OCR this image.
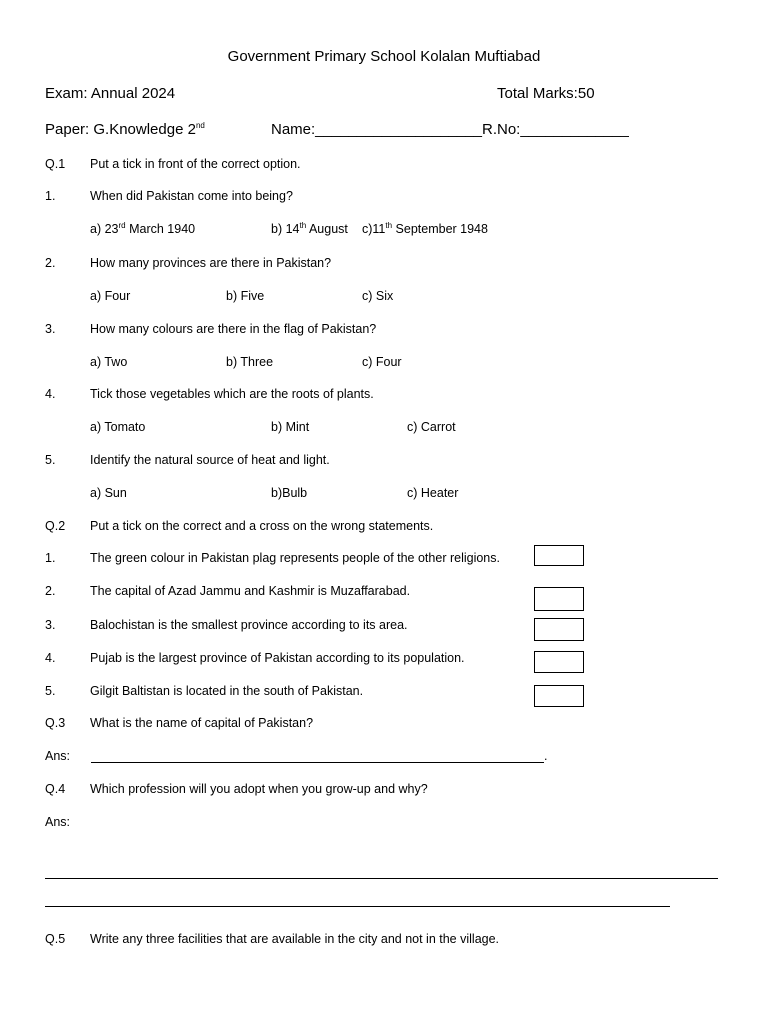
Government Primary School Kolalan Muftiabad
Exam: Annual 2024	Total Marks:50
Paper: G.Knowledge 2nd	Name:____________________ R.No:_____________
Q.1 Put a tick in front of the correct option.
1.	When did Pakistan come into being?
a) 23rd March 1940	b) 14th August c)11th September 1948
2.	How many provinces are there in Pakistan?
a) Four	b) Five	c) Six
3.	How many colours are there in the flag of Pakistan?
a) Two	b) Three	c) Four
4.	Tick those vegetables which are the roots of plants.
a) Tomato	b) Mint	c) Carrot
5.	Identify the natural source of heat and light.
a) Sun	b)Bulb	c) Heater
Q.2 Put a tick on the correct and a cross on the wrong statements.
1.	The green colour in Pakistan plag represents people of the other religions.
2.	The capital of Azad Jammu and Kashmir is Muzaffarabad.
3.	Balochistan is the smallest province according to its area.
4.	Pujab is the largest province of Pakistan according to its population.
5.	Gilgit Baltistan is located in the south of Pakistan.
Q.3 What is the name of capital of Pakistan?
Ans:	.
Q.4 Which profession will you adopt when you grow-up and why?
Ans:
Q.5 Write any three facilities that are available in the city and not in the village.
